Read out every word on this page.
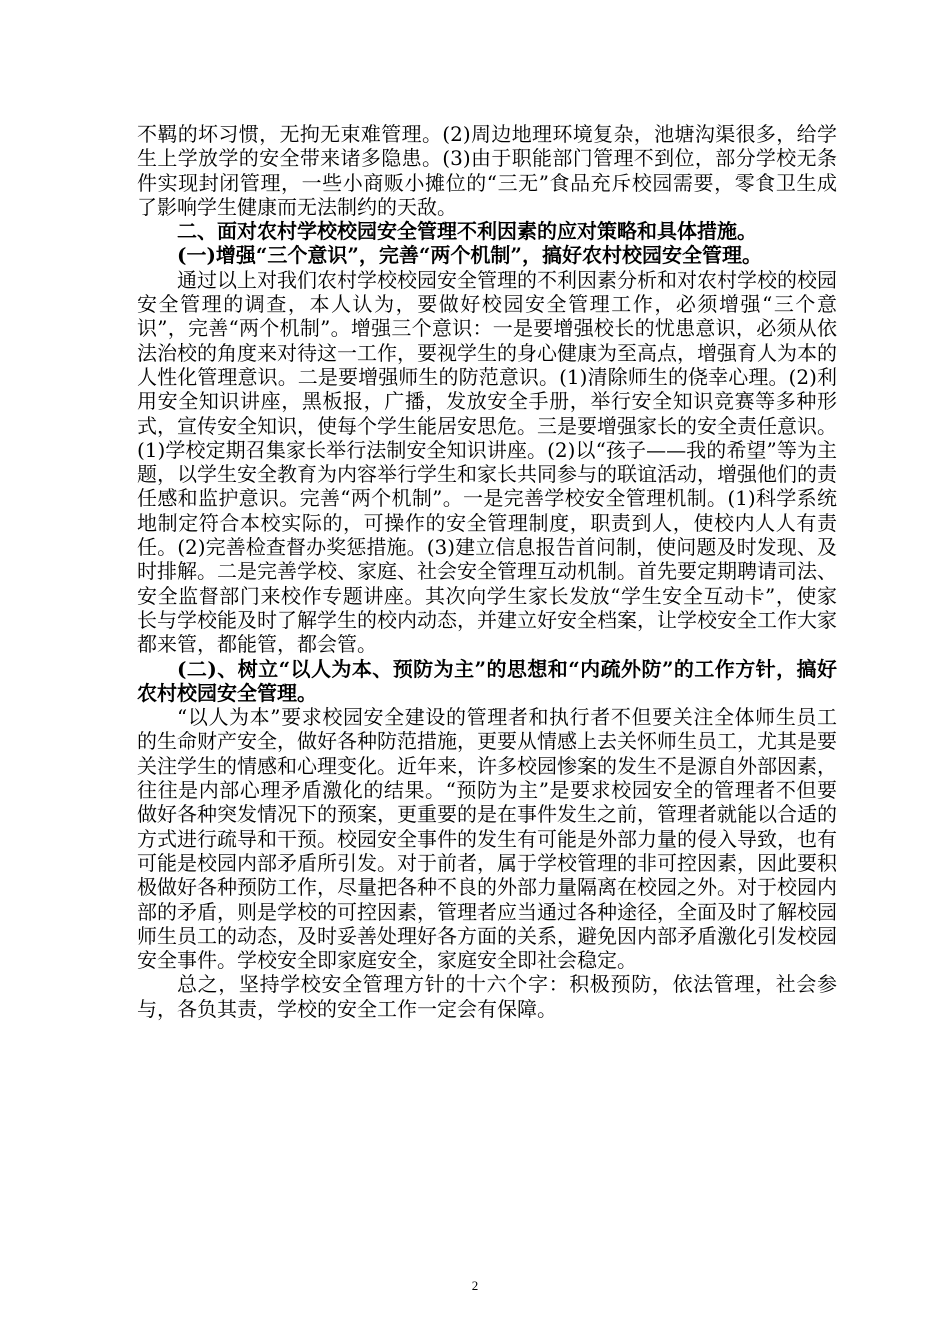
不羁的坏习惯，无拘无束难管理。(2)周边地理环境复杂，池塘沟渠很多，给学生上学放学的安全带来诸多隐患。(3)由于职能部门管理不到位，部分学校无条件实现封闭管理，一些小商贩小摊位的“三无”食品充斥校园需要，零食卫生成了影响学生健康而无法制约的天敌。

二、面对农村学校校园安全管理不利因素的应对策略和具体措施。

(一)增强“三个意识”，完善“两个机制”，搞好农村校园安全管理。

通过以上对我们农村学校校园安全管理的不利因素分析和对农村学校的校园安全管理的调查，本人认为，要做好校园安全管理工作，必须增强“三个意识”，完善“两个机制”。增强三个意识：一是要增强校长的忧患意识，必须从依法治校的角度来对待这一工作，要视学生的身心健康为至高点，增强育人为本的人性化管理意识。二是要增强师生的防范意识。(1)清除师生的侥幸心理。(2)利用安全知识讲座，黑板报，广播，发放安全手册，举行安全知识竞赛等多种形式，宣传安全知识，使每个学生能居安思危。三是要增强家长的安全责任意识。(1)学校定期召集家长举行法制安全知识讲座。(2)以“孩子——我的希望”等为主题，以学生安全教育为内容举行学生和家长共同参与的联谊活动，增强他们的责任感和监护意识。完善“两个机制”。一是完善学校安全管理机制。(1)科学系统地制定符合本校实际的，可操作的安全管理制度，职责到人，使校内人人有责任。(2)完善检查督办奖惩措施。(3)建立信息报告首问制，使问题及时发现、及时排解。二是完善学校、家庭、社会安全管理互动机制。首先要定期聘请司法、安全监督部门来校作专题讲座。其次向学生家长发放“学生安全互动卡”，使家长与学校能及时了解学生的校内动态，并建立好安全档案，让学校安全工作大家都来管，都能管，都会管。

(二)、树立“以人为本、预防为主”的思想和“内疏外防”的工作方针，搞好农村校园安全管理。

“以人为本”要求校园安全建设的管理者和执行者不但要关注全体师生员工的生命财产安全，做好各种防范措施，更要从情感上去关怀师生员工，尤其是要关注学生的情感和心理变化。近年来，许多校园惨案的发生不是源自外部因素，往往是内部心理矛盾激化的结果。“预防为主”是要求校园安全的管理者不但要做好各种突发情况下的预案，更重要的是在事件发生之前，管理者就能以合适的方式进行疏导和干预。校园安全事件的发生有可能是外部力量的侵入导致，也有可能是校园内部矛盾所引发。对于前者，属于学校管理的非可控因素，因此要积极做好各种预防工作，尽量把各种不良的外部力量隔离在校园之外。对于校园内部的矛盾，则是学校的可控因素，管理者应当通过各种途径，全面及时了解校园师生员工的动态，及时妥善处理好各方面的关系，避免因内部矛盾激化引发校园安全事件。学校安全即家庭安全，家庭安全即社会稳定。

总之，坚持学校安全管理方针的十六个字：积极预防，依法管理，社会参与，各负其责，学校的安全工作一定会有保障。

2
